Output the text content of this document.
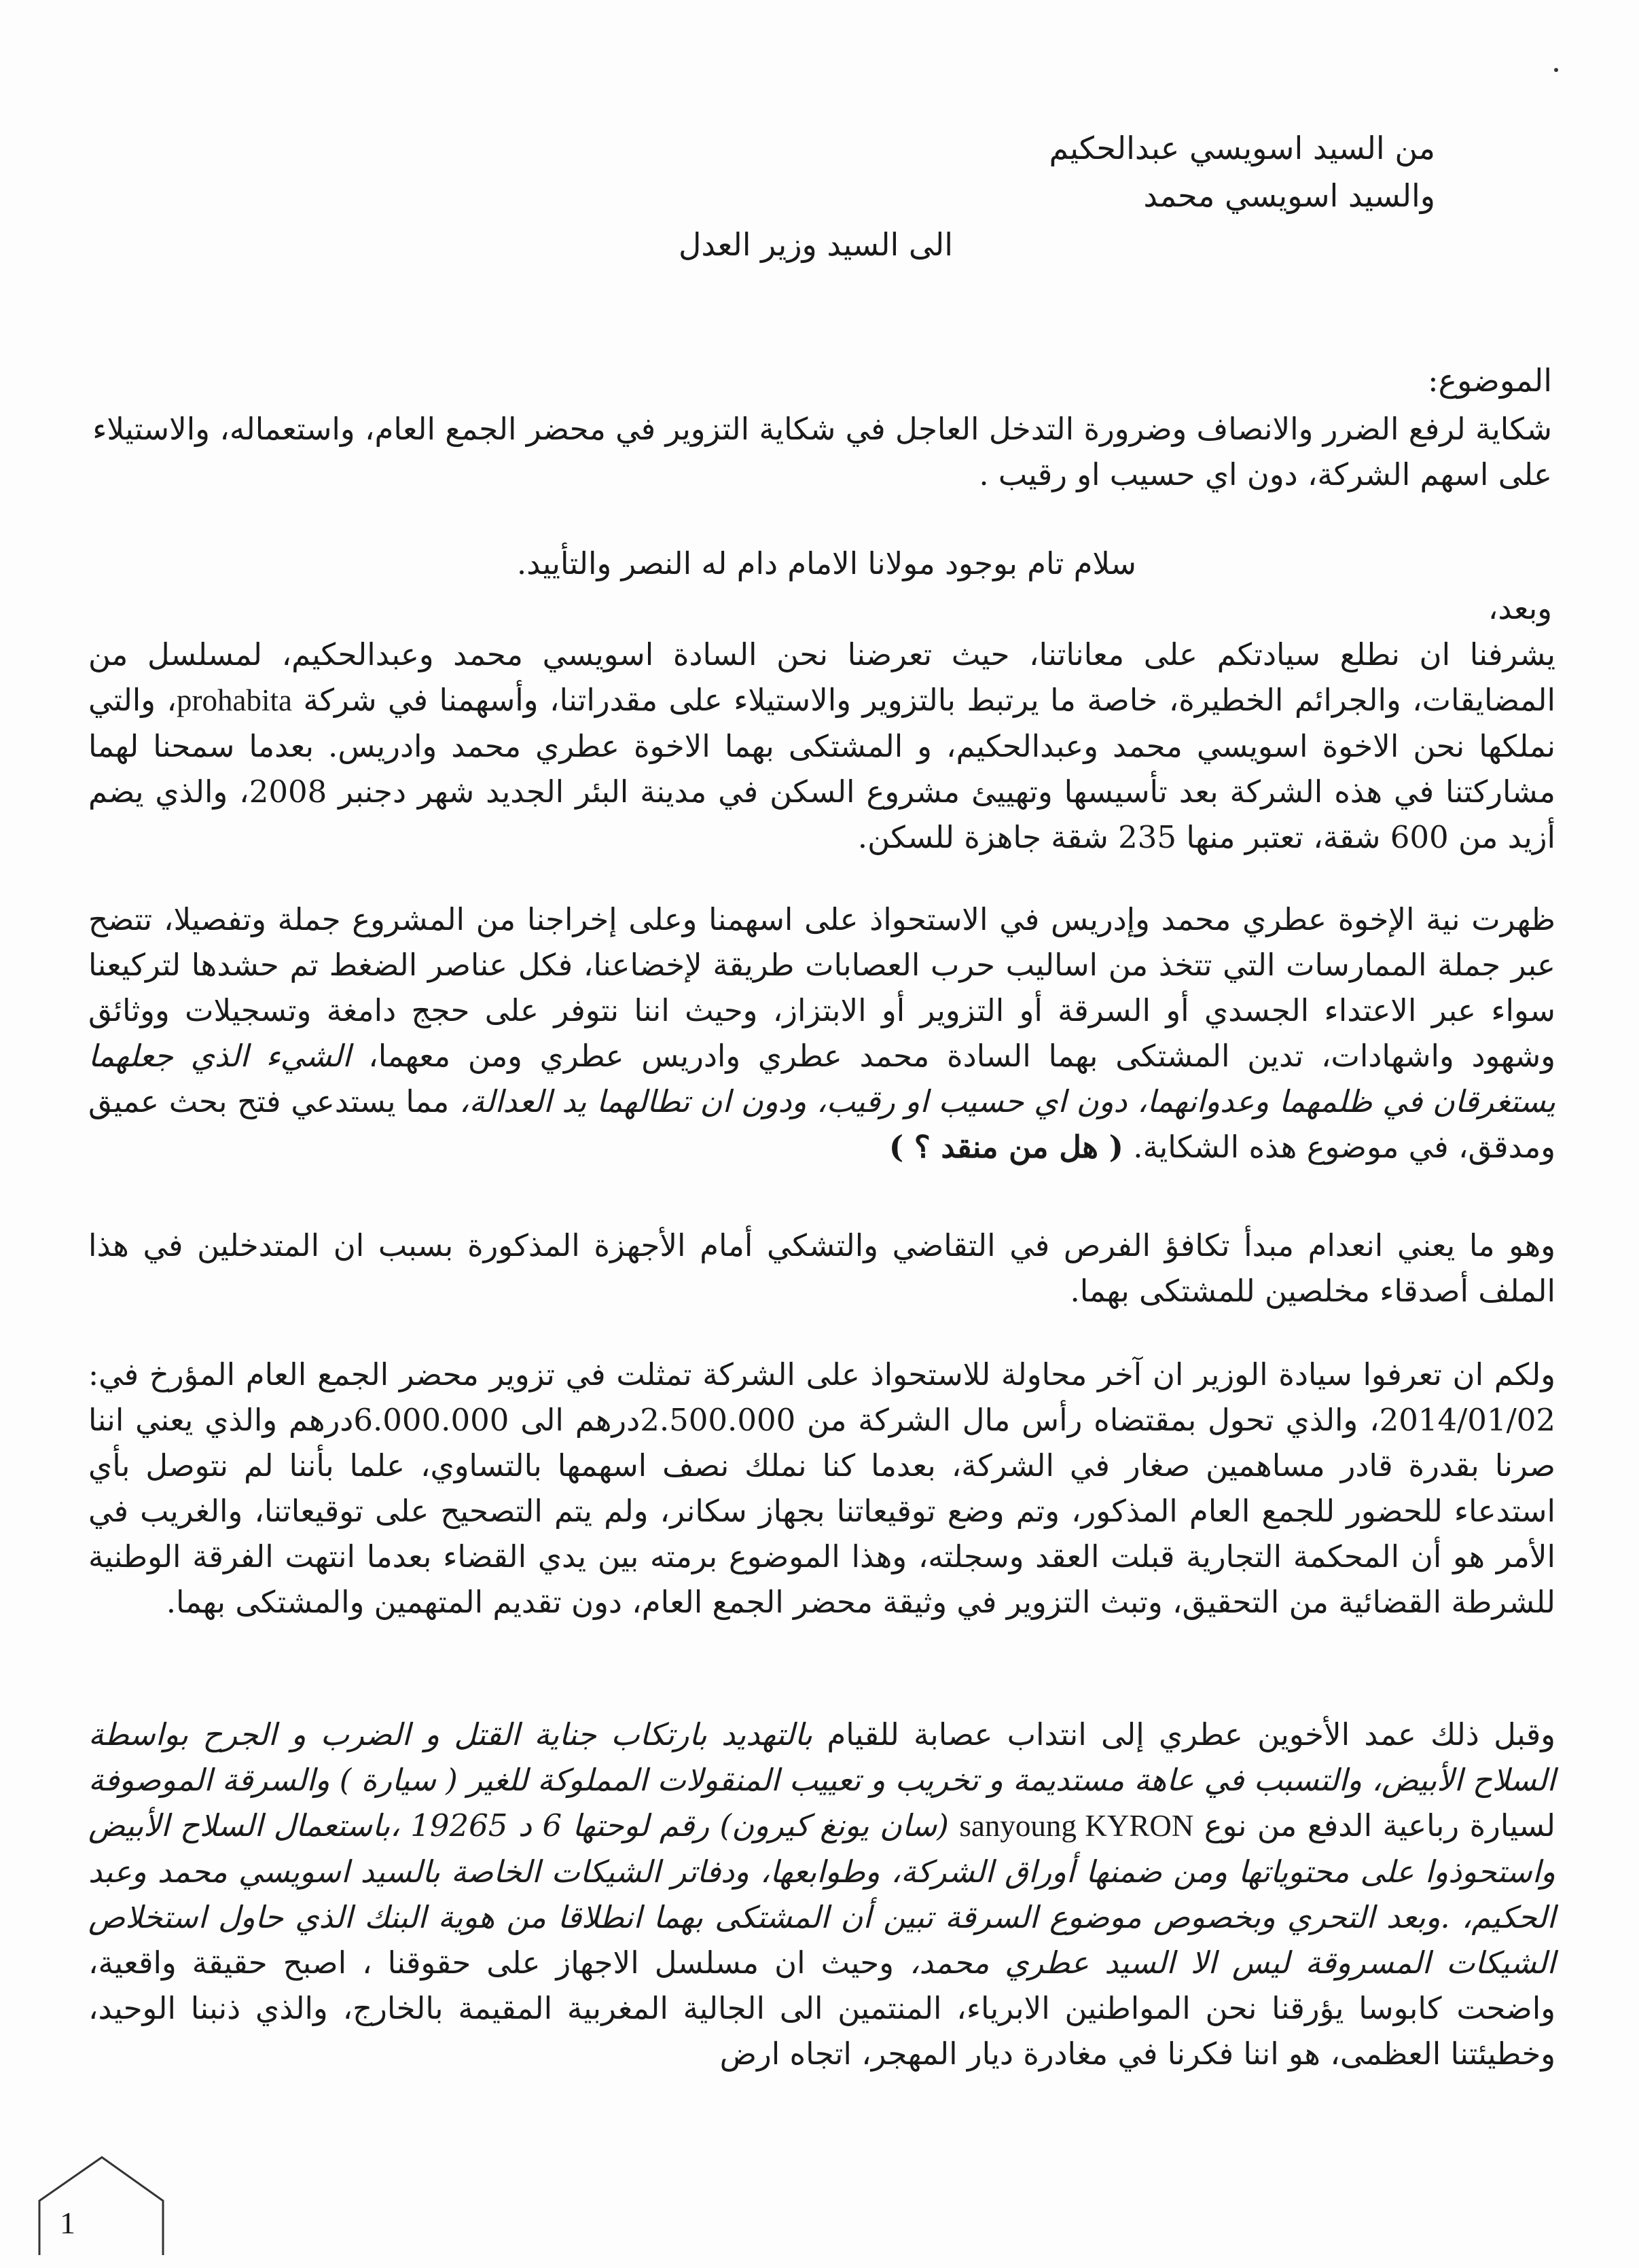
من السيد اسويسي عبدالحكيم
والسيد اسويسي محمد
الى السيد وزير العدل
الموضوع:
شكاية لرفع الضرر والانصاف وضرورة التدخل العاجل في شكاية التزوير في محضر الجمع العام، واستعماله، والاستيلاء على اسهم الشركة، دون اي حسيب او رقيب .
سلام تام بوجود مولانا الامام دام له النصر والتأييد.
وبعد،

يشرفنا ان نطلع سيادتكم على معاناتنا، حيث تعرضنا نحن السادة اسويسي محمد وعبدالحكيم، لمسلسل من المضايقات، والجرائم الخطيرة، خاصة ما يرتبط بالتزوير والاستيلاء على مقدراتنا، وأسهمنا في شركة prohabita، والتي نملكها نحن الاخوة اسويسي محمد وعبدالحكيم، و المشتكى بهما الاخوة عطري محمد وادريس. بعدما سمحنا لهما مشاركتنا في هذه الشركة بعد تأسيسها وتهييئ مشروع السكن في مدينة البئر الجديد شهر دجنبر 2008، والذي يضم أزيد من 600 شقة، تعتبر منها 235 شقة جاهزة للسكن.

ظهرت نية الإخوة عطري محمد وإدريس في الاستحواذ على اسهمنا وعلى إخراجنا من المشروع جملة وتفصيلا، تتضح عبر جملة الممارسات التي تتخذ من اساليب حرب العصابات طريقة لإخضاعنا، فكل عناصر الضغط تم حشدها لتركيعنا سواء عبر الاعتداء الجسدي أو السرقة أو التزوير أو الابتزاز، وحيث اننا نتوفر على حجج دامغة وتسجيلات ووثائق وشهود واشهادات، تدين المشتكى بهما السادة محمد عطري وادريس عطري ومن معهما، الشيء الذي جعلهما يستغرقان في ظلمهما وعدوانهما، دون اي حسيب او رقيب، ودون ان تطالهما يد العدالة، مما يستدعي فتح بحث عميق ومدقق، في موضوع هذه الشكاية. ( هل من منقد ؟ )

وهو ما يعني انعدام مبدأ تكافؤ الفرص في التقاضي والتشكي أمام الأجهزة المذكورة بسبب ان المتدخلين في هذا الملف أصدقاء مخلصين للمشتكى بهما.

ولكم ان تعرفوا سيادة الوزير ان آخر محاولة للاستحواذ على الشركة تمثلت في تزوير محضر الجمع العام المؤرخ في: 2014/01/02، والذي تحول بمقتضاه رأس مال الشركة من 2.500.000درهم الى 6.000.000درهم والذي يعني اننا صرنا بقدرة قادر مساهمين صغار في الشركة، بعدما كنا نملك نصف اسهمها بالتساوي، علما بأننا لم نتوصل بأي استدعاء للحضور للجمع العام المذكور، وتم وضع توقيعاتنا بجهاز سكانر، ولم يتم التصحيح على توقيعاتنا، والغريب في الأمر هو أن المحكمة التجارية قبلت العقد وسجلته، وهذا الموضوع برمته بين يدي القضاء بعدما انتهت الفرقة الوطنية للشرطة القضائية من التحقيق، وتبث التزوير في وثيقة محضر الجمع العام، دون تقديم المتهمين والمشتكى بهما.

وقبل ذلك عمد الأخوين عطري إلى انتداب عصابة للقيام بالتهديد بارتكاب جناية القتل و الضرب و الجرح بواسطة السلاح الأبيض، والتسبب في عاهة مستديمة و تخريب و تعييب المنقولات المملوكة للغير ( سيارة ) والسرقة الموصوفة لسيارة رباعية الدفع من نوع sanyoung KYRON (سان يونغ كيرون) رقم لوحتها 6 د 19265 ،باستعمال السلاح الأبيض واستحوذوا على محتوياتها ومن ضمنها أوراق الشركة، وطوابعها، ودفاتر الشيكات الخاصة بالسيد اسويسي محمد وعبد الحكيم، .وبعد التحري وبخصوص موضوع السرقة تبين أن المشتكى بهما انطلاقا من هوية البنك الذي حاول استخلاص الشيكات المسروقة ليس الا السيد عطري محمد، وحيث ان مسلسل الاجهاز على حقوقنا ، اصبح حقيقة واقعية، واضحت كابوسا يؤرقنا نحن المواطنين الابرياء، المنتمين الى الجالية المغربية المقيمة بالخارج، والذي ذنبنا الوحيد، وخطيئتنا العظمى، هو اننا فكرنا في مغادرة ديار المهجر، اتجاه ارض

1
